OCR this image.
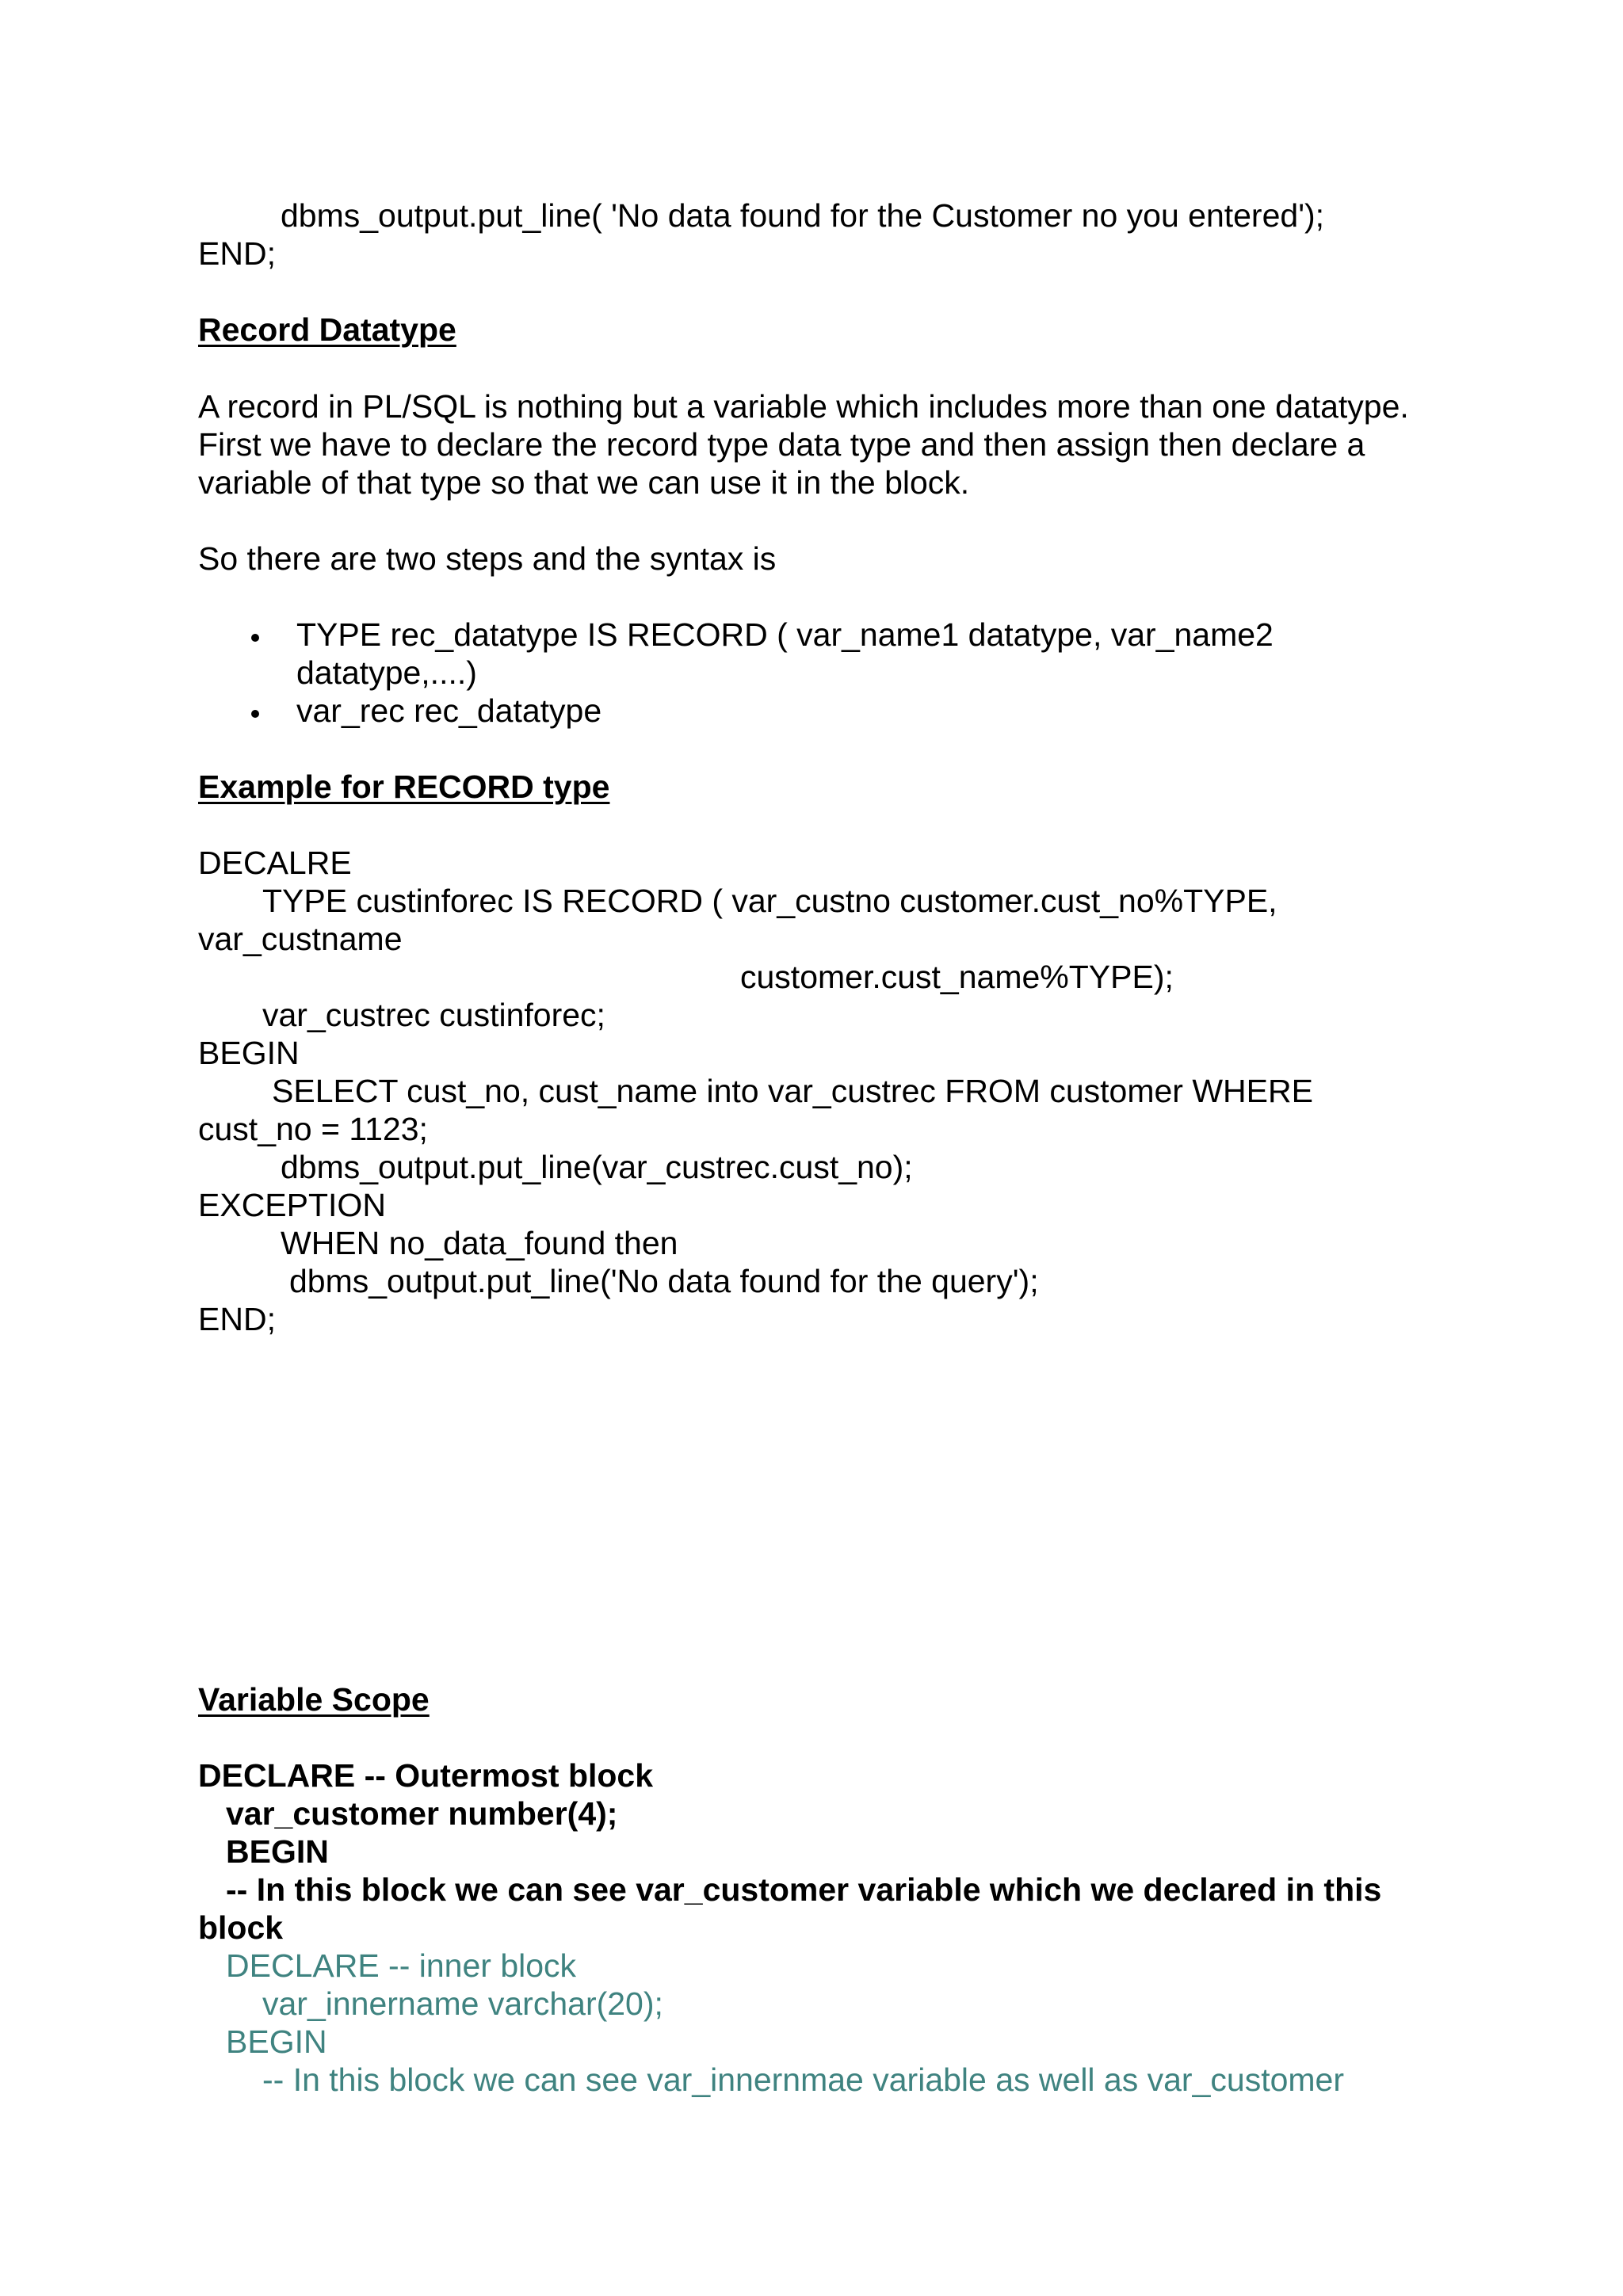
dbms_output.put_line( 'No data found for the Customer no you entered');

END;

Record Datatype

A record in PL/SQL is nothing but a variable which includes more than one datatype.

First we have to declare the record type data type and then assign then declare a

variable of that type so that we can use it in the block.

So there are two steps and the syntax is

TYPE rec_datatype IS RECORD ( var_name1 datatype, var_name2

datatype,....)

var_rec rec_datatype

Example for RECORD type

DECALRE

TYPE custinforec IS RECORD ( var_custno customer.cust_no%TYPE,

var_custname

customer.cust_name%TYPE);

var_custrec custinforec;

BEGIN

SELECT cust_no, cust_name into var_custrec FROM customer WHERE

cust_no = 1123;

dbms_output.put_line(var_custrec.cust_no);

EXCEPTION

WHEN no_data_found then

dbms_output.put_line('No data found for the query');

END;

Variable Scope

DECLARE -- Outermost block

var_customer number(4);

BEGIN

-- In this block we can see var_customer variable which we declared in this

block

DECLARE -- inner block

var_innername varchar(20);

BEGIN

-- In this block we can see var_innernmae variable as well as var_customer
